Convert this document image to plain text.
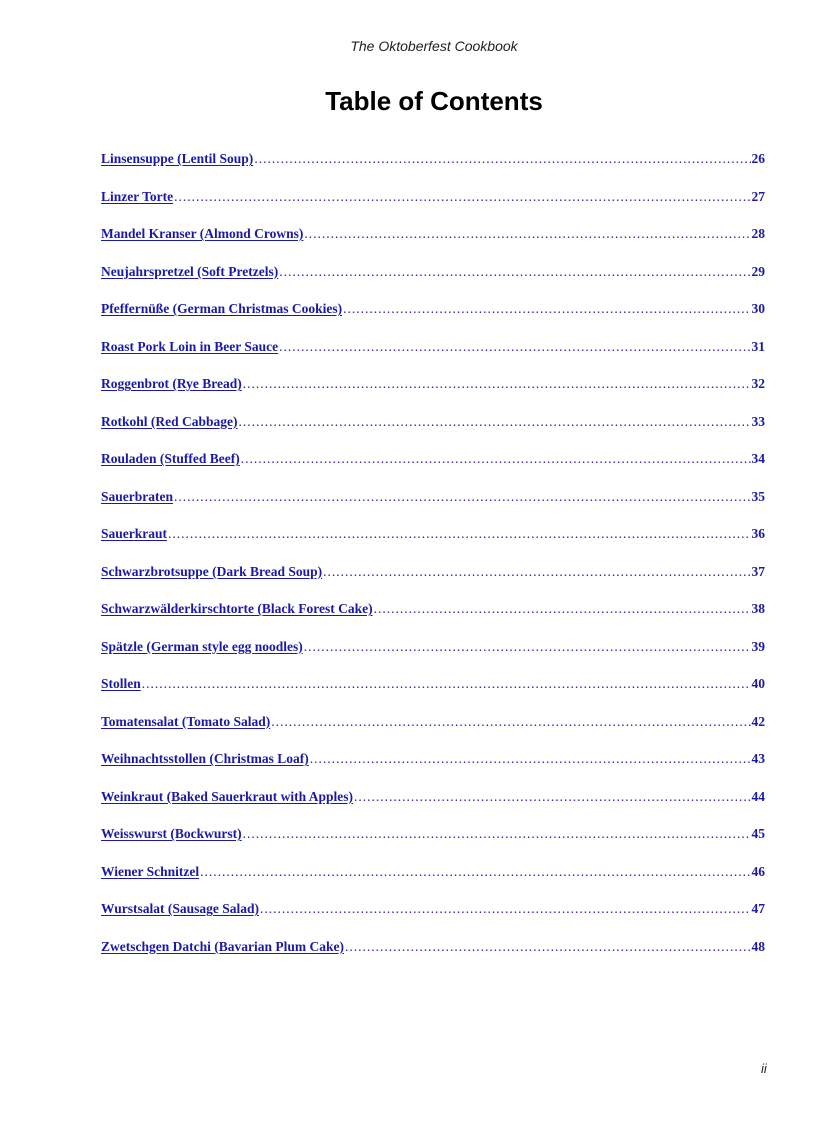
The Oktoberfest Cookbook
Table of Contents
Linsensuppe (Lentil Soup) .....	26
Linzer Torte .....	27
Mandel Kranser (Almond Crowns) .....	28
Neujahrspretzel (Soft Pretzels) .....	29
Pfeffernüße (German Christmas Cookies) .....	30
Roast Pork Loin in Beer Sauce .....	31
Roggenbrot (Rye Bread) .....	32
Rotkohl (Red Cabbage) .....	33
Rouladen (Stuffed Beef) .....	34
Sauerbraten .....	35
Sauerkraut .....	36
Schwarzbrotsuppe (Dark Bread Soup) .....	37
Schwarzwälderkirschtorte (Black Forest Cake) .....	38
Spätzle (German style egg noodles) .....	39
Stollen .....	40
Tomatensalat (Tomato Salad) .....	42
Weihnachtsstollen (Christmas Loaf) .....	43
Weinkraut (Baked Sauerkraut with Apples) .....	44
Weisswurst (Bockwurst) .....	45
Wiener Schnitzel .....	46
Wurstsalat (Sausage Salad) .....	47
Zwetschgen Datchi (Bavarian Plum Cake) .....	48
ii
